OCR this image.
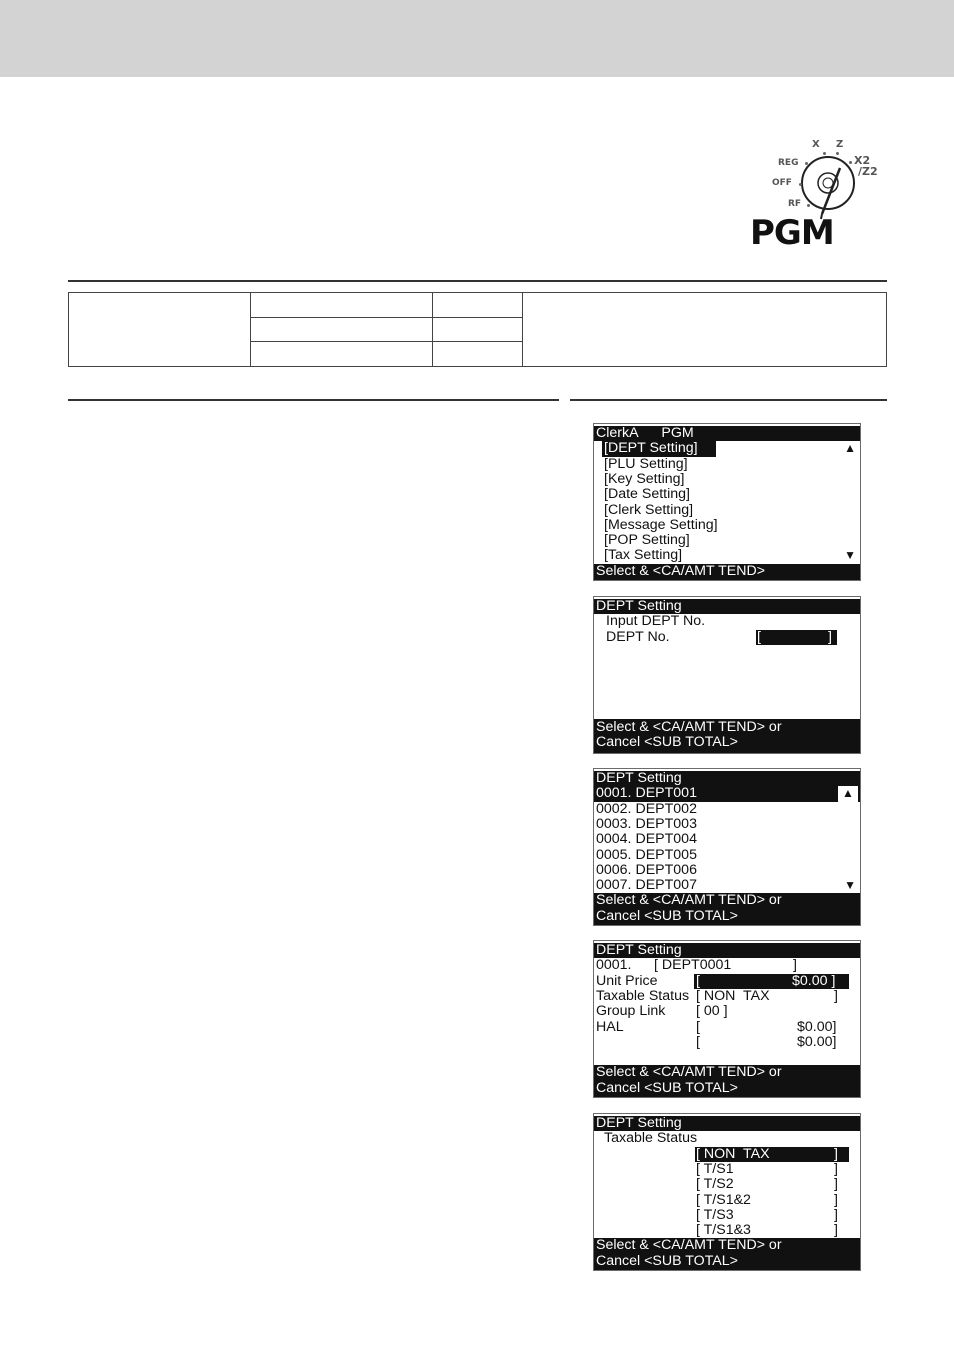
X Z
REG	X2
/Z2
OFF
RF
PGM
ClerkA      PGM
[DEPT Setting]
[PLU Setting]
[Key Setting]
[Date Setting]
[Clerk Setting]
[Message Setting]
[POP Setting]
[Tax Setting]
▲
▼
Select & <CA/AMT TEND>
DEPT Setting
Input DEPT No.
DEPT No.	[	]
Select & <CA/AMT TEND> or
Cancel <SUB TOTAL>
DEPT Setting
0001. DEPT001	▲
0002. DEPT002
0003. DEPT003
0004. DEPT004
0005. DEPT005
0006. DEPT006
0007. DEPT007	▼
Select & <CA/AMT TEND> or
Cancel <SUB TOTAL>
DEPT Setting
0001. [ DEPT0001	]
Unit Price	[	$0.00 ]
Taxable Status [ NON  TAX	]
Group Link [ 00 ]
HAL	[	$0.00]
[	$0.00]
Select & <CA/AMT TEND> or
Cancel <SUB TOTAL>
DEPT Setting
Taxable Status
[ NON  TAX	]
[ T/S1	]
[ T/S2	]
[ T/S1&2	]
[ T/S3	]
[ T/S1&3	]
Select & <CA/AMT TEND> or
Cancel <SUB TOTAL>
